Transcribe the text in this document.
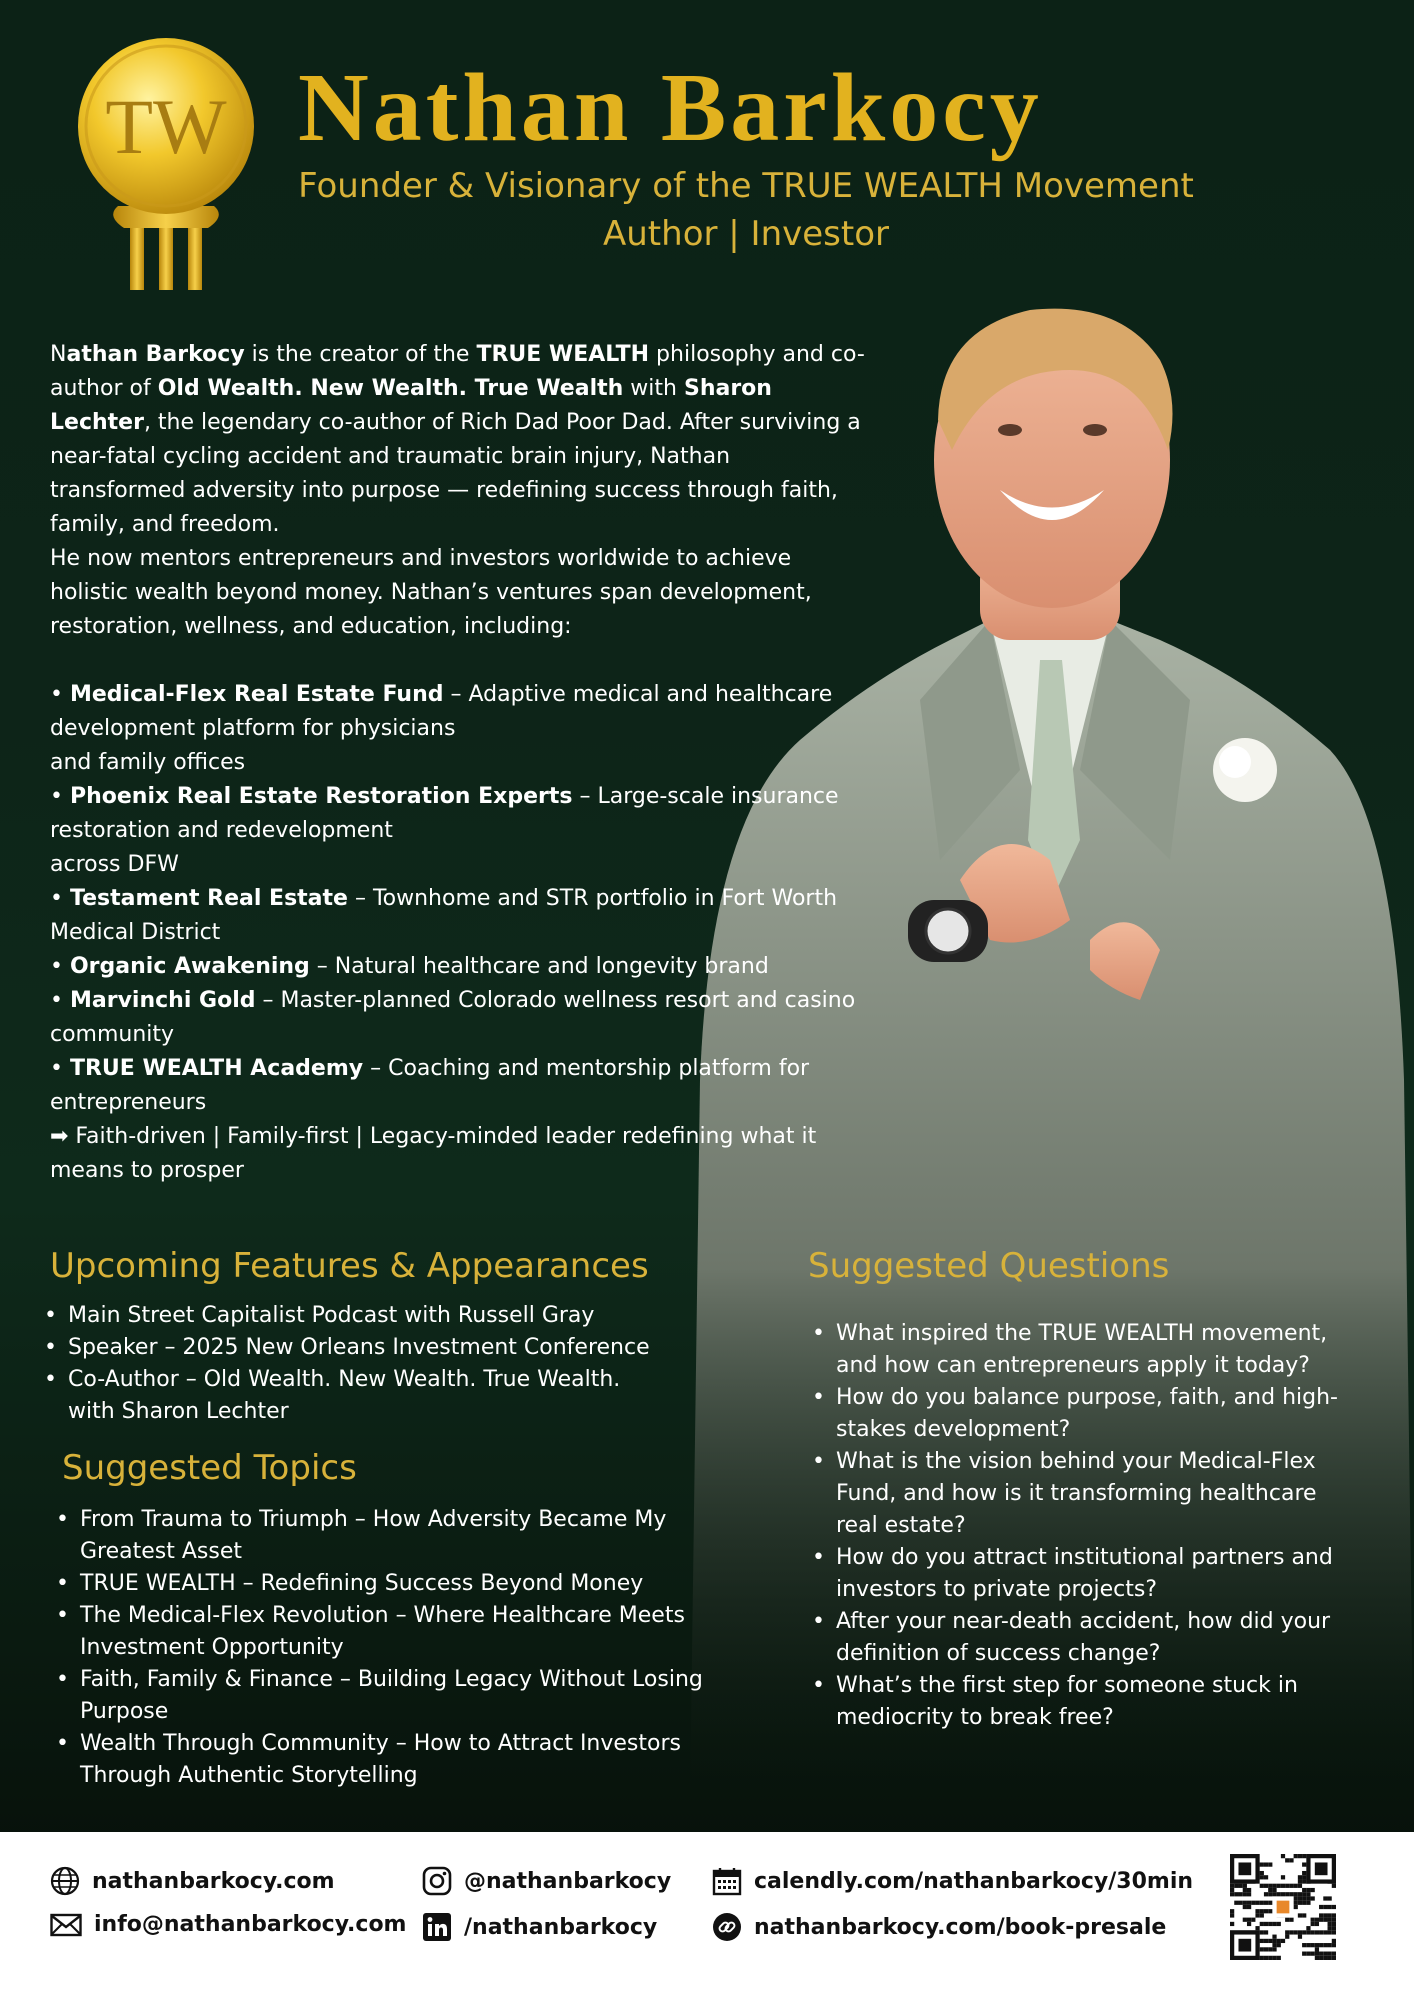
TW Nathan Barkocy
Founder & Visionary of the TRUE WEALTH Movement
Author | Investor

Nathan Barkocy is the creator of the TRUE WEALTH philosophy and co-author of Old Wealth. New Wealth. True Wealth with Sharon Lechter, the legendary co-author of Rich Dad Poor Dad. After surviving a near-fatal cycling accident and traumatic brain injury, Nathan transformed adversity into purpose — redefining success through faith, family, and freedom.

He now mentors entrepreneurs and investors worldwide to achieve holistic wealth beyond money. Nathan’s ventures span development, restoration, wellness, and education, including:

• Medical-Flex Real Estate Fund – Adaptive medical and healthcare development platform for physicians
and family offices

• Phoenix Real Estate Restoration Experts – Large-scale insurance restoration and redevelopment
across DFW

• Testament Real Estate – Townhome and STR portfolio in Fort Worth Medical District

• Organic Awakening – Natural healthcare and longevity brand

• Marvinchi Gold – Master-planned Colorado wellness resort and casino community

• TRUE WEALTH Academy – Coaching and mentorship platform for entrepreneurs

➡ Faith-driven | Family-first | Legacy-minded leader redefining what it means to prosper

Upcoming Features & Appearances
• Main Street Capitalist Podcast with Russell Gray
• Speaker – 2025 New Orleans Investment Conference
• Co-Author – Old Wealth. New Wealth. True Wealth. with Sharon Lechter
Suggested Topics
• From Trauma to Triumph – How Adversity Became My Greatest Asset
• TRUE WEALTH – Redefining Success Beyond Money
• The Medical-Flex Revolution – Where Healthcare Meets Investment Opportunity
• Faith, Family & Finance – Building Legacy Without Losing Purpose
• Wealth Through Community – How to Attract Investors Through Authentic Storytelling
Suggested Questions
• What inspired the TRUE WEALTH movement, and how can entrepreneurs apply it today?
• How do you balance purpose, faith, and high-stakes development?
• What is the vision behind your Medical-Flex Fund, and how is it transforming healthcare real estate?
• How do you attract institutional partners and investors to private projects?
• After your near-death accident, how did your definition of success change?
• What’s the first step for someone stuck in mediocrity to break free?
nathanbarkocy.com
info@nathanbarkocy.com
@nathanbarkocy
/nathanbarkocy
calendly.com/nathanbarkocy/30min
nathanbarkocy.com/book-presale
